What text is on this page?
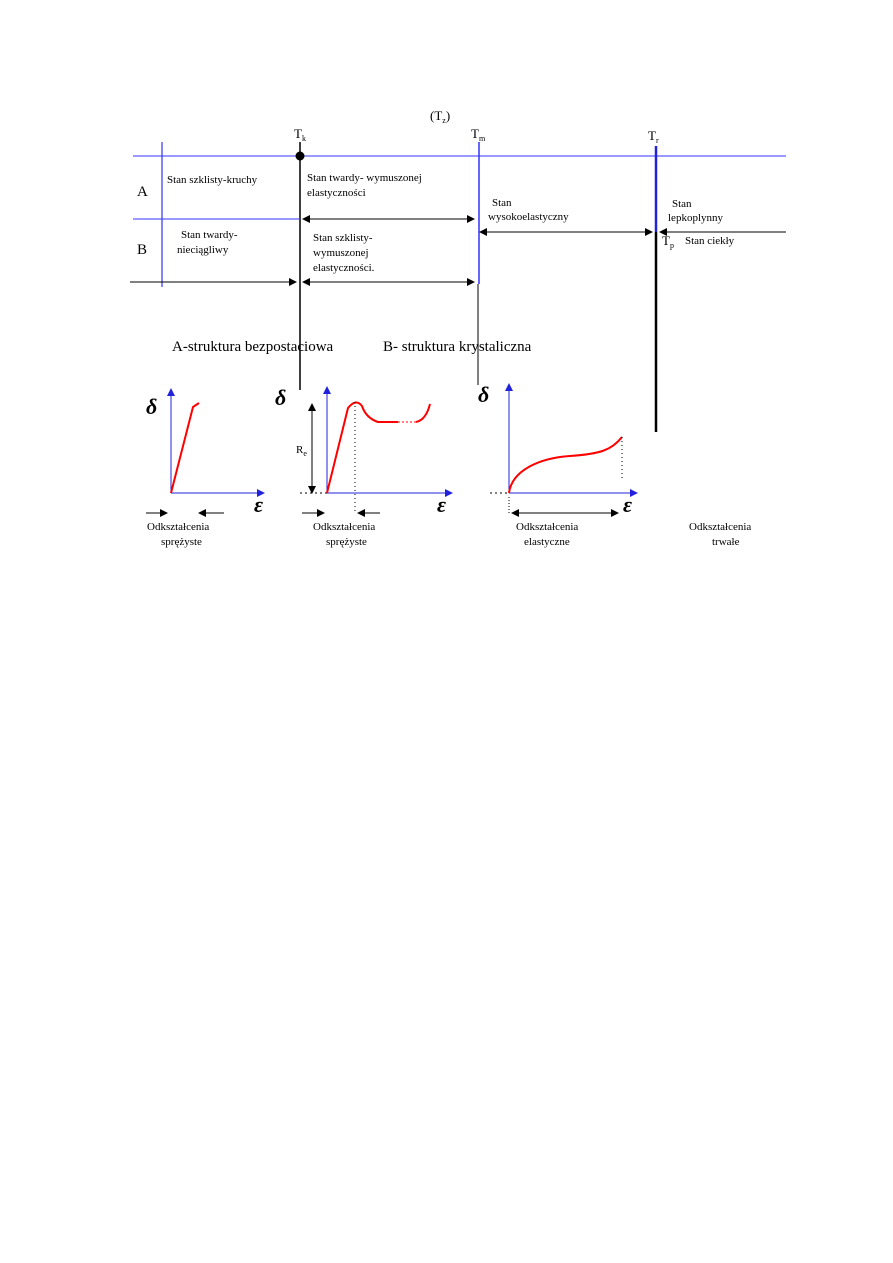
$(T_z)$
$T_k$	$T_m$	$T_r$
A
B
Stan szklisty-kruchy	Stan twardy- wymuszonej elastyczności
Stan wysokoelastyczny
Stan lepkoplynny
$T_p$ Stan ciekły
Stan twardy- nieciągliwy
Stan szklisty- wymuszonej elastyczności.
A-struktura bezpostaciowa	B- struktura krystaliczna
δ
ε
Odkształcenia sprężyste
δ
ε
$R_e$
Odkształcenia sprężyste
δ
ε
Odkształcenia elastyczne
Odkształcenia trwałe
